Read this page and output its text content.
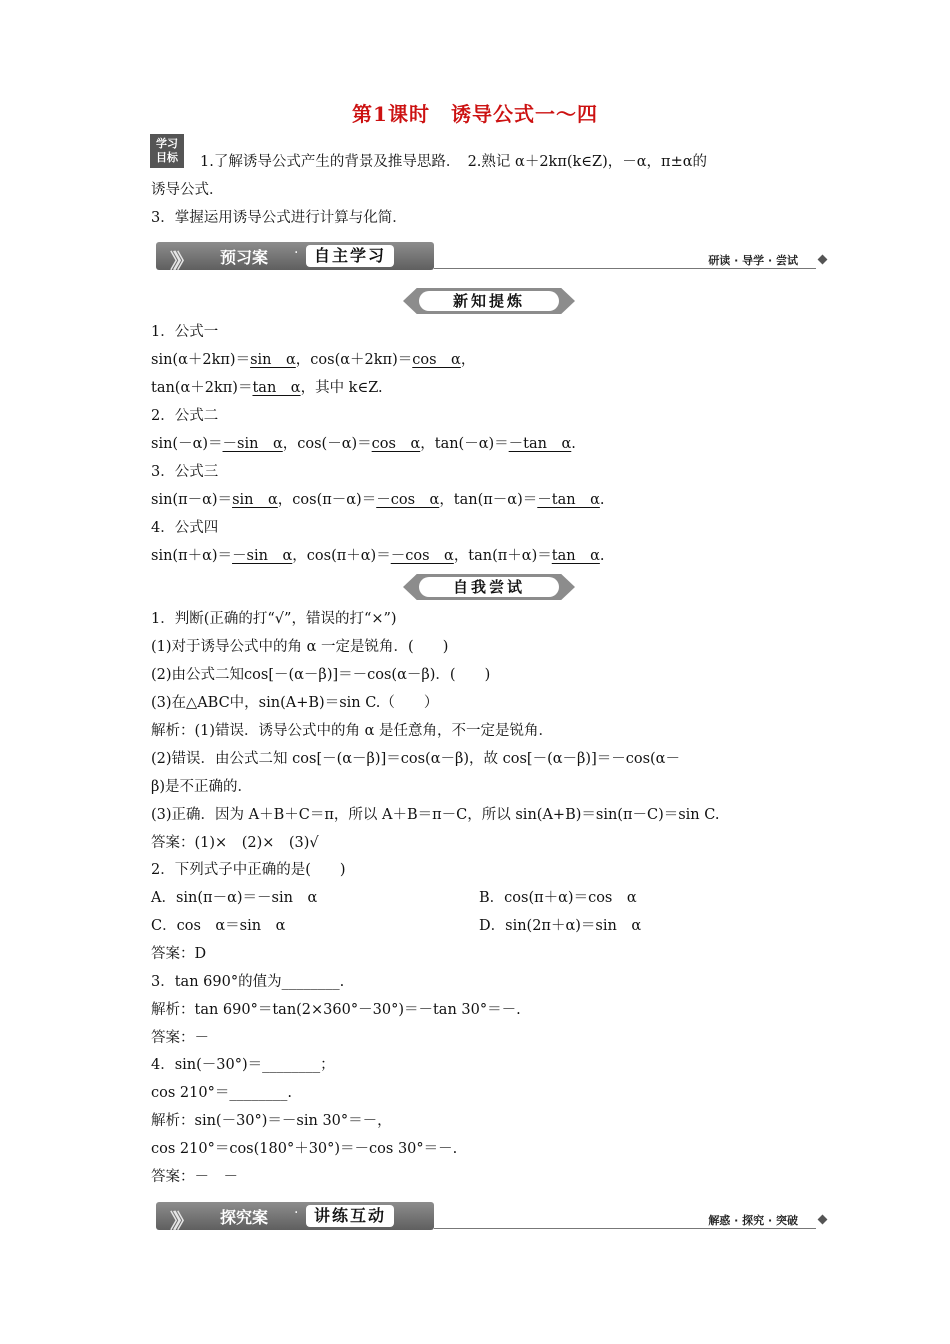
第1课时　诱导公式一～四
学习
目标	1.了解诱导公式产生的背景及推导思路．　2.熟记 α＋2kπ(k∈Z)，－α，π±α的
诱导公式．
3．掌握运用诱导公式进行计算与化简．
》》 预习案 · 自主学习	研读 · 导学 · 尝试
新知提炼
1．公式一
sin(α＋2kπ)＝sin　α，cos(α＋2kπ)＝cos　α，
tan(α＋2kπ)＝tan　α，其中 k∈Z.
2．公式二
sin(－α)＝－sin　α，cos(－α)＝cos　α，tan(－α)＝－tan　α.
3．公式三
sin(π－α)＝sin　α，cos(π－α)＝－cos　α，tan(π－α)＝－tan　α.
4．公式四
sin(π＋α)＝－sin　α，cos(π＋α)＝－cos　α，tan(π＋α)＝tan　α.
自我尝试
1．判断(正确的打“√”，错误的打“×”)
(1)对于诱导公式中的角 α 一定是锐角．(　　)
(2)由公式二知cos[－(α－β)]＝－cos(α－β)．(　　)
(3)在△ABC中，sin(A+B)＝sin C.（　　）
解析：(1)错误．诱导公式中的角 α 是任意角，不一定是锐角．
(2)错误．由公式二知 cos[－(α－β)]＝cos(α－β)，故 cos[－(α－β)]＝－cos(α－
β)是不正确的．
(3)正确．因为 A＋B＋C＝π，所以 A＋B＝π－C，所以 sin(A+B)＝sin(π－C)＝sin C.
答案：(1)×　(2)×　(3)√
2．下列式子中正确的是(　　)
A．sin(π－α)＝－sin　α	B．cos(π＋α)＝cos　α
C．cos　α＝sin　α	D．sin(2π＋α)＝sin　α
答案：D
3．tan 690°的值为________.
解析：tan 690°＝tan(2×360°－30°)＝－tan 30°＝－.
答案：－
4．sin(－30°)＝________；
cos 210°＝________.
解析：sin(－30°)＝－sin 30°＝－，
cos 210°＝cos(180°＋30°)＝－cos 30°＝－.
答案：－　－
》》 探究案 · 讲练互动	解惑 · 探究 · 突破
